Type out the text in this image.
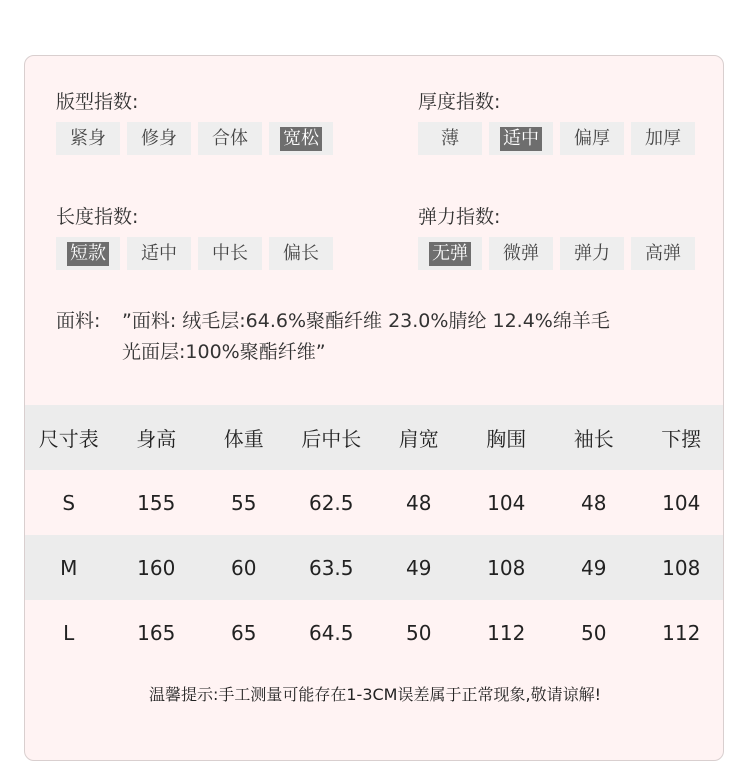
版型指数:
紧身	修身	合体	宽松
厚度指数:
薄	适中	偏厚	加厚
长度指数:
短款	适中	中长	偏长
弹力指数:
无弹	微弹	弹力	高弹
面料:	”面料: 绒毛层:64.6%聚酯纤维 23.0%腈纶 12.4%绵羊毛
光面层:100%聚酯纤维”
尺寸表	身高	体重	后中长	肩宽	胸围	袖长	下摆
S	155	55	62.5	48	104	48	104
M	160	60	63.5	49	108	49	108
L	165	65	64.5	50	112	50	112
温馨提示:手工测量可能存在1-3CM误差属于正常现象,敬请谅解!
